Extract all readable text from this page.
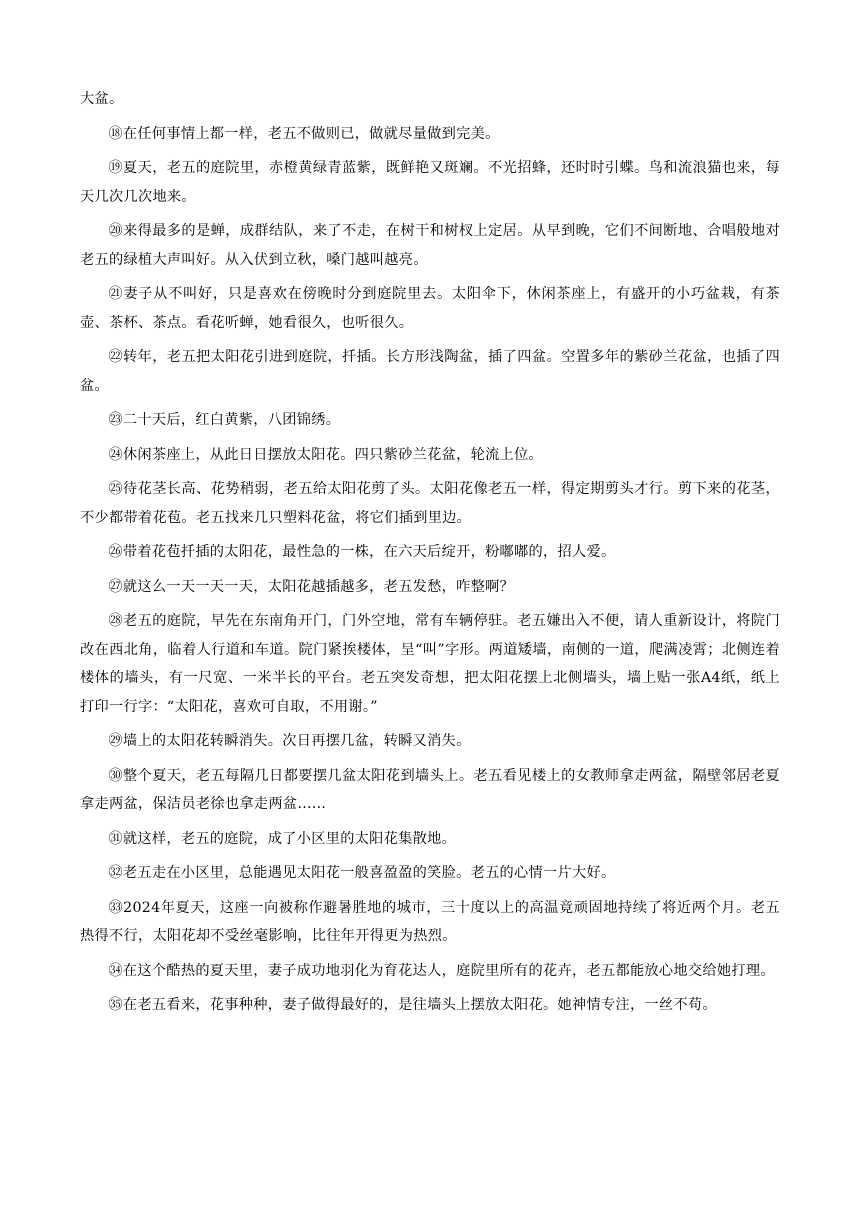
大盆。

⑱在任何事情上都一样，老五不做则已，做就尽量做到完美。

⑲夏天，老五的庭院里，赤橙黄绿青蓝紫，既鲜艳又斑斓。不光招蜂，还时时引蝶。鸟和流浪猫也来，每天几次几次地来。

⑳来得最多的是蝉，成群结队，来了不走，在树干和树杈上定居。从早到晚，它们不间断地、合唱般地对老五的绿植大声叫好。从入伏到立秋，嗓门越叫越亮。

㉑妻子从不叫好，只是喜欢在傍晚时分到庭院里去。太阳伞下，休闲茶座上，有盛开的小巧盆栽，有茶壶、茶杯、茶点。看花听蝉，她看很久，也听很久。

㉒转年，老五把太阳花引进到庭院，扦插。长方形浅陶盆，插了四盆。空置多年的紫砂兰花盆，也插了四盆。

㉓二十天后，红白黄紫，八团锦绣。

㉔休闲茶座上，从此日日摆放太阳花。四只紫砂兰花盆，轮流上位。

㉕待花茎长高、花势稍弱，老五给太阳花剪了头。太阳花像老五一样，得定期剪头才行。剪下来的花茎，不少都带着花苞。老五找来几只塑料花盆，将它们插到里边。

㉖带着花苞扦插的太阳花，最性急的一株，在六天后绽开，粉嘟嘟的，招人爱。

㉗就这么一天一天一天，太阳花越插越多，老五发愁，咋整啊？

㉘老五的庭院，早先在东南角开门，门外空地，常有车辆停驻。老五嫌出入不便，请人重新设计，将院门改在西北角，临着人行道和车道。院门紧挨楼体，呈“叫”字形。两道矮墙，南侧的一道，爬满凌霄；北侧连着楼体的墙头，有一尺宽、一米半长的平台。老五突发奇想，把太阳花摆上北侧墙头，墙上贴一张A4纸，纸上打印一行字：“太阳花，喜欢可自取，不用谢。”

㉙墙上的太阳花转瞬消失。次日再摆几盆，转瞬又消失。

㉚整个夏天，老五每隔几日都要摆几盆太阳花到墙头上。老五看见楼上的女教师拿走两盆，隔壁邻居老夏拿走两盆，保洁员老徐也拿走两盆……

㉛就这样，老五的庭院，成了小区里的太阳花集散地。

㉜老五走在小区里，总能遇见太阳花一般喜盈盈的笑脸。老五的心情一片大好。

㉝2024年夏天，这座一向被称作避暑胜地的城市，三十度以上的高温竟顽固地持续了将近两个月。老五热得不行，太阳花却不受丝毫影响，比往年开得更为热烈。

㉞在这个酷热的夏天里，妻子成功地羽化为育花达人，庭院里所有的花卉，老五都能放心地交给她打理。

㉟在老五看来，花事种种，妻子做得最好的，是往墙头上摆放太阳花。她神情专注，一丝不苟。
